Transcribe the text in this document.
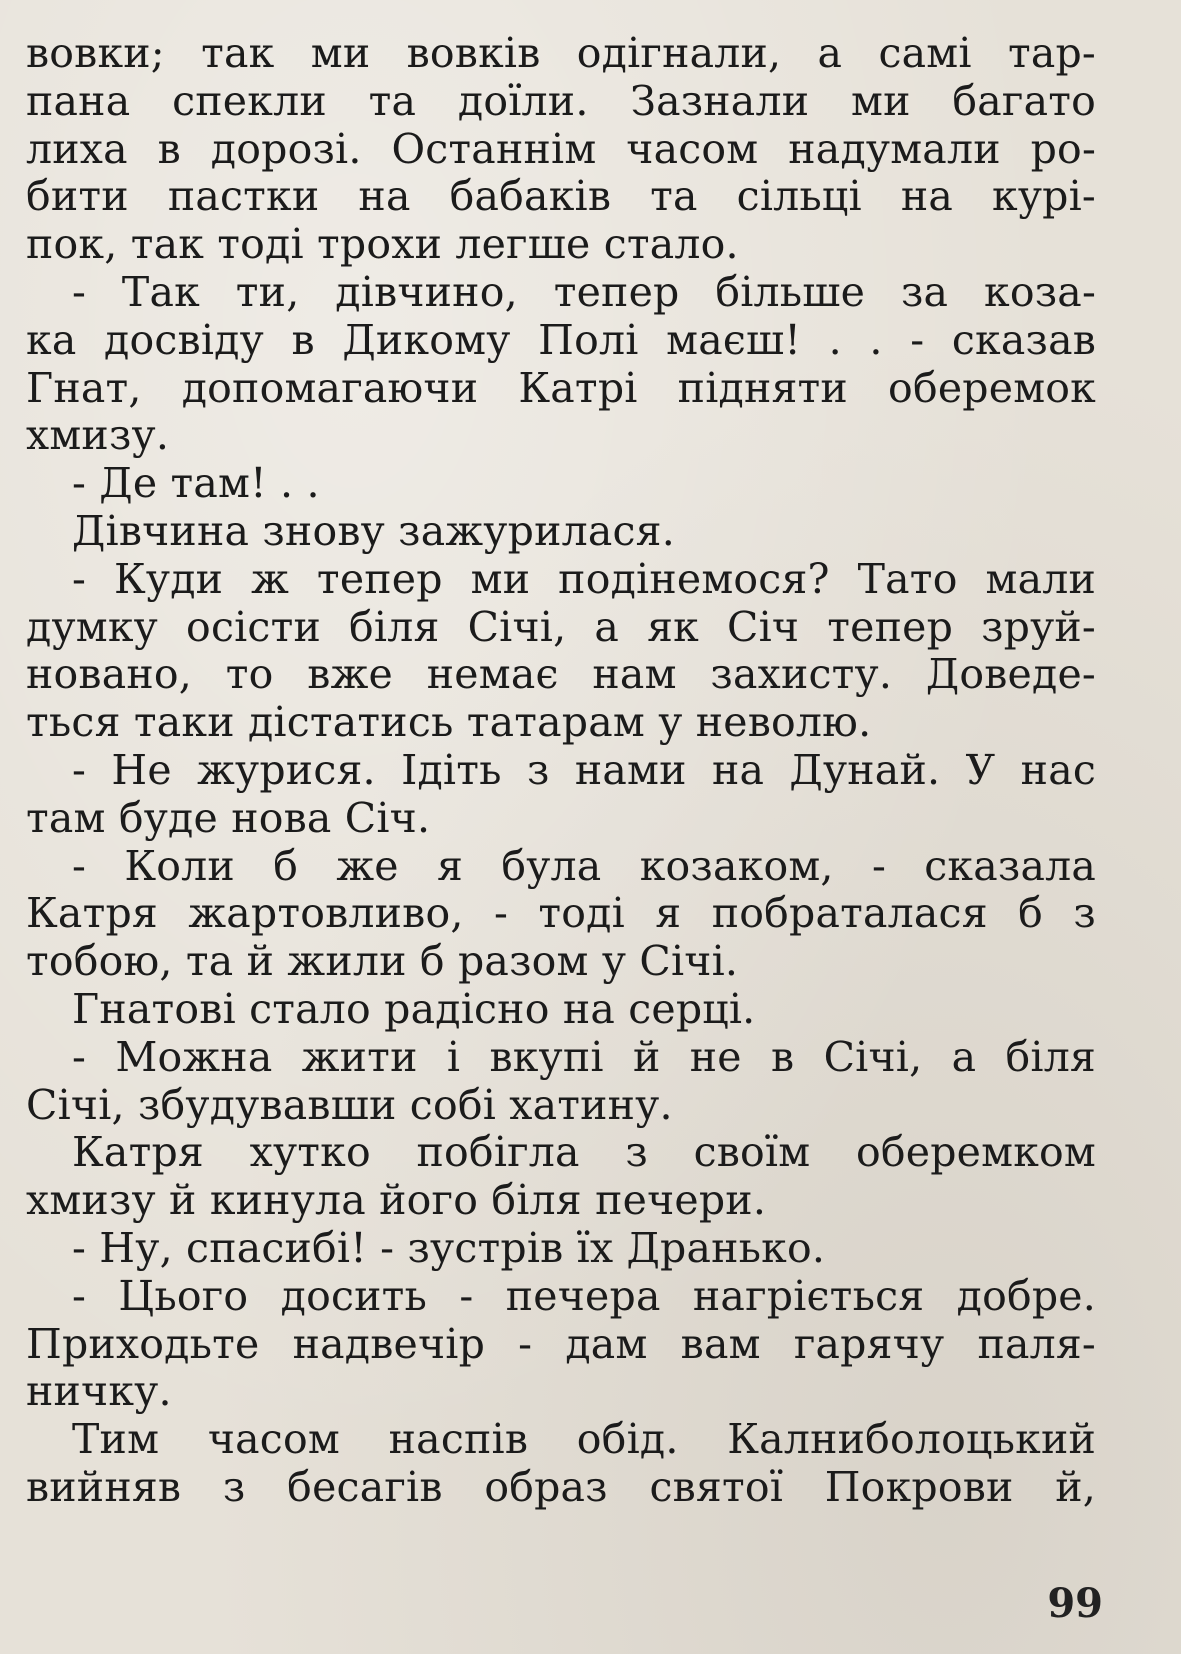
вовки; так ми вовків одігнали, а самі тар-
пана спекли та доїли. Зазнали ми багато
лиха в дорозі. Останнім часом надумали ро-
бити пастки на бабаків та сільці на курі-
пок, так тоді трохи легше стало.
- Так ти, дівчино, тепер більше за коза-
ка досвіду в Дикому Полі маєш! . . - сказав
Гнат, допомагаючи Катрі підняти оберемок
хмизу.
- Де там! . .
Дівчина знову зажурилася.
- Куди ж тепер ми подінемося? Тато мали
думку осісти біля Січі, а як Січ тепер зруй-
новано, то вже немає нам захисту. Доведе-
ться таки дістатись татарам у неволю.
- Не журися. Ідіть з нами на Дунай. У нас
там буде нова Січ.
- Коли б же я була козаком, - сказала
Катря жартовливо, - тоді я побраталася б з
тобою, та й жили б разом у Січі.
Гнатові стало радісно на серці.
- Можна жити і вкупі й не в Січі, а біля
Січі, збудувавши собі хатину.
Катря хутко побігла з своїм оберемком
хмизу й кинула його біля печери.
- Ну, спасибі! - зустрів їх Дранько.
- Цього досить - печера нагріється добре.
Приходьте надвечір - дам вам гарячу паля-
ничку.
Тим часом наспів обід. Калниболоцький
вийняв з бесагів образ святої Покрови й,
99
